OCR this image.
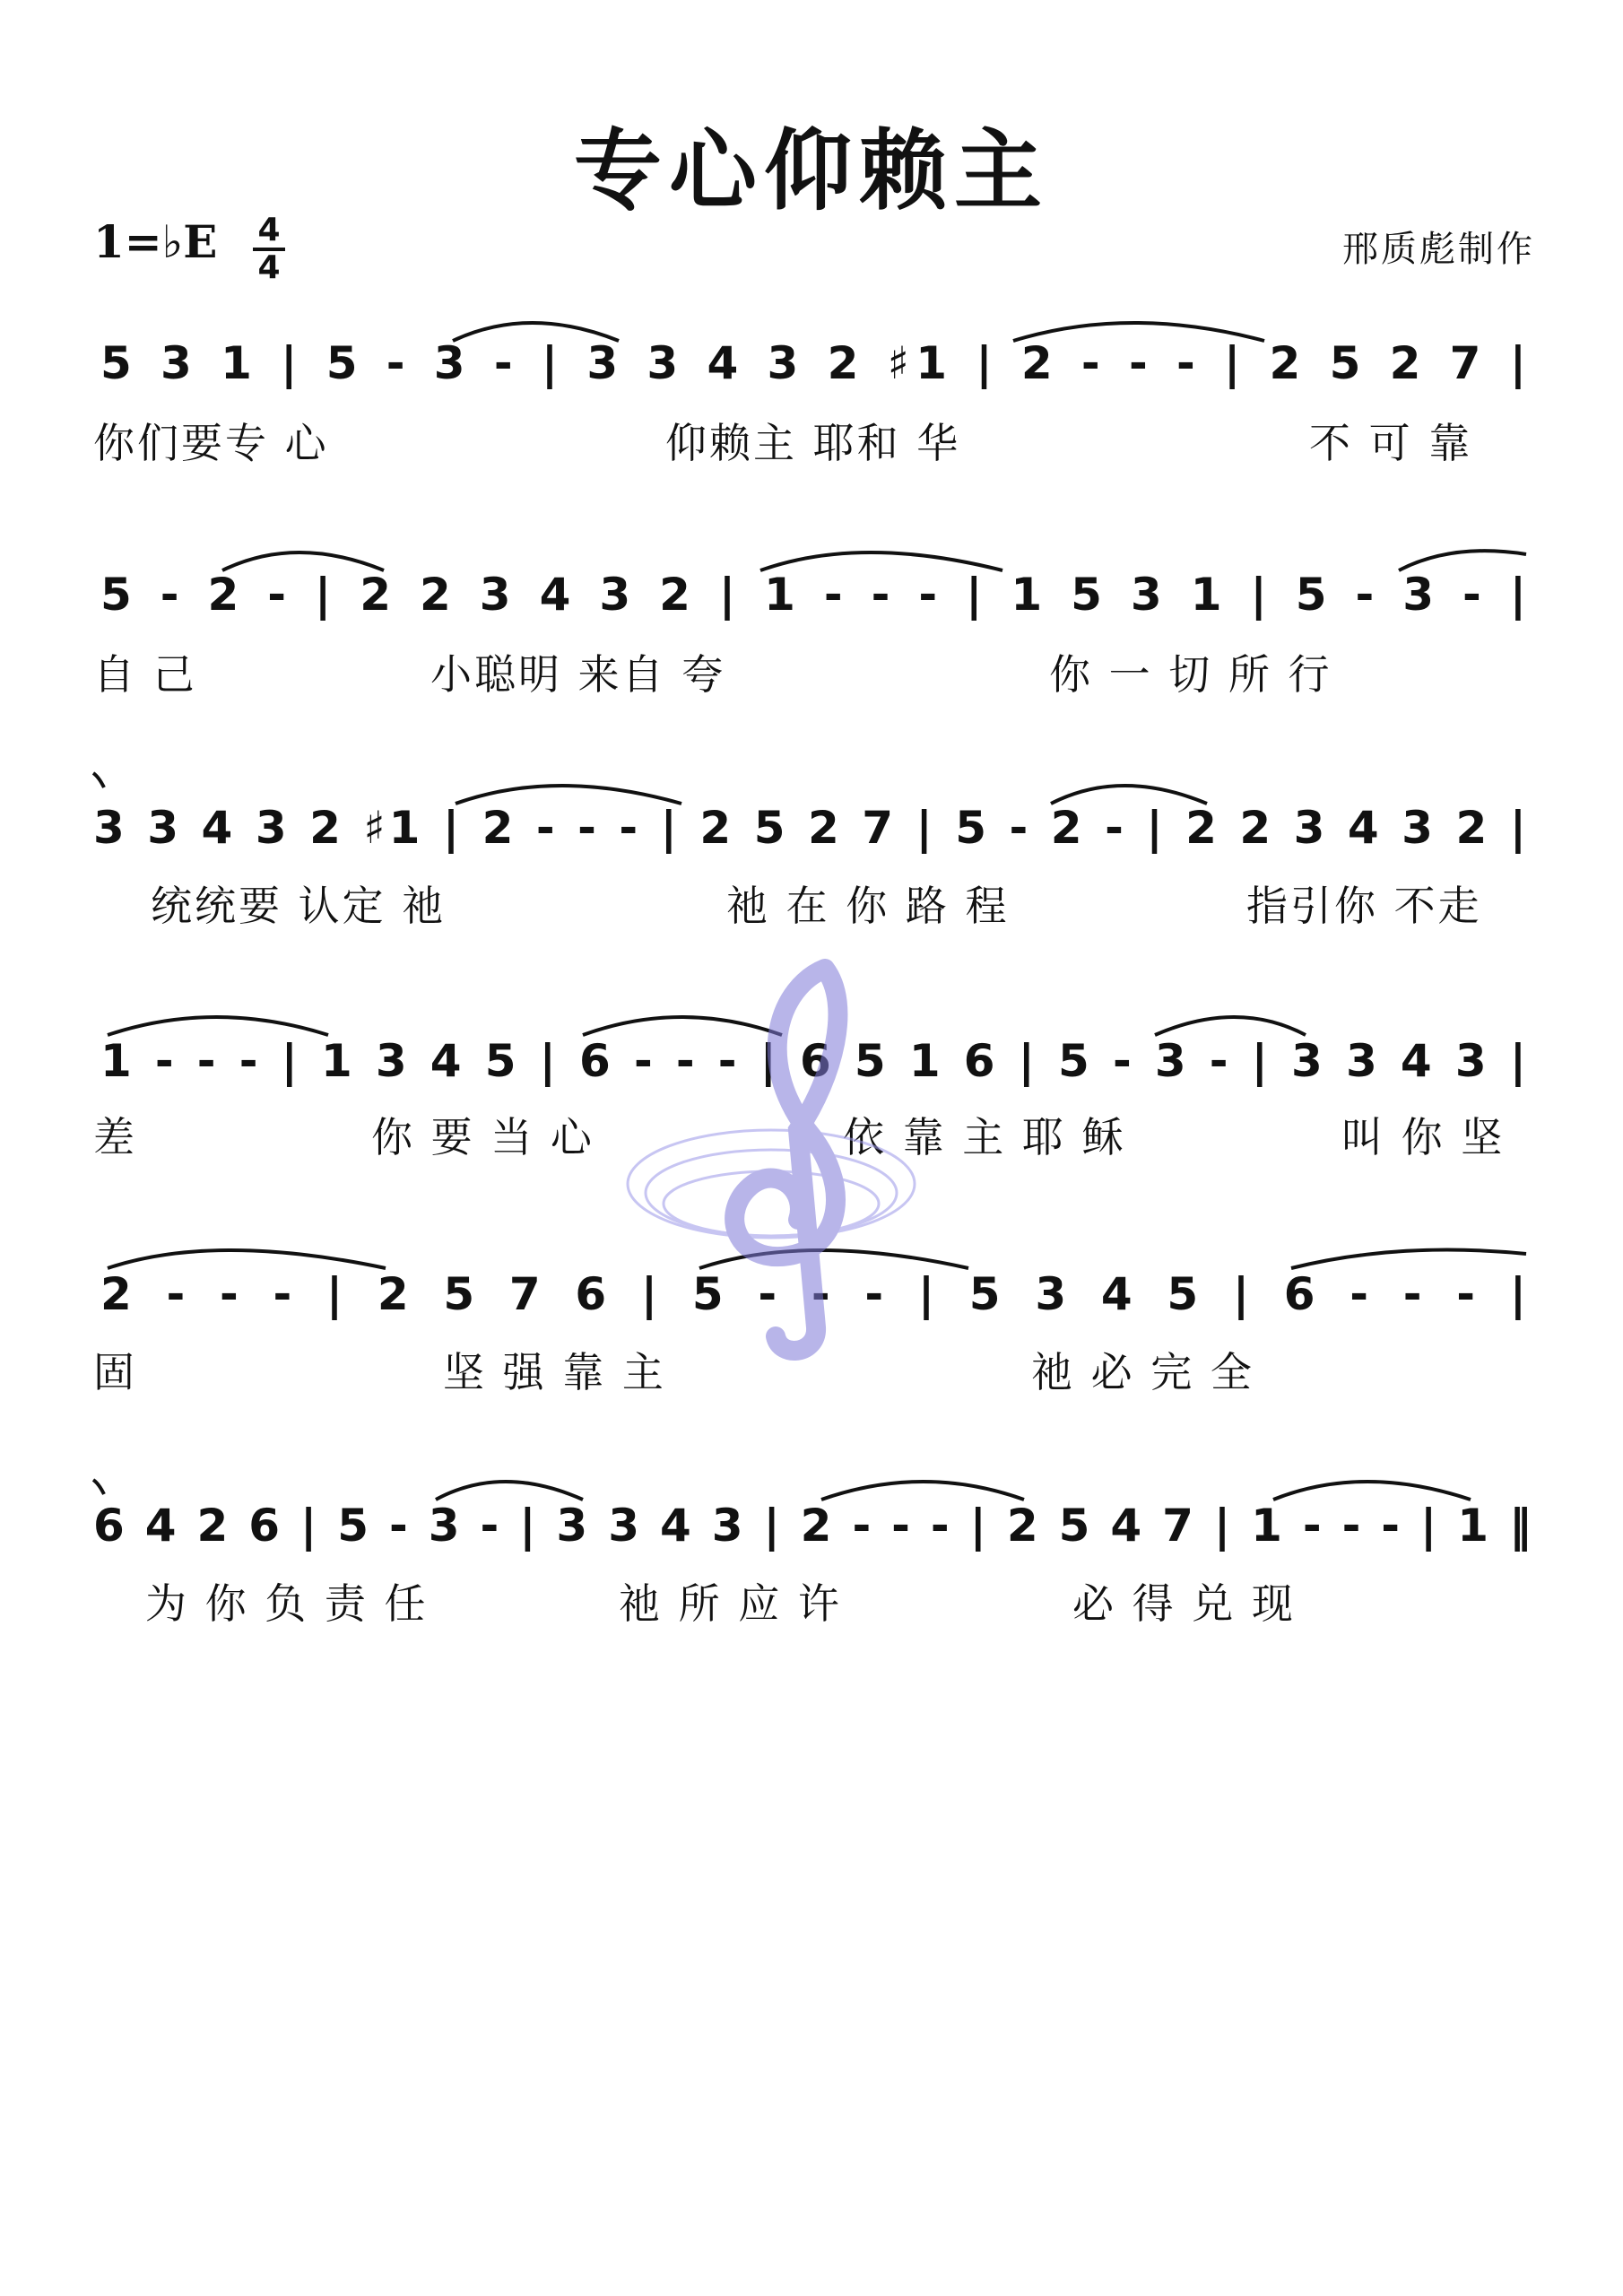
专心仰赖主
1=♭E 4
4	邢质彪制作
5 3 1 | 5 - 3 - | 3 3 4 3 2 ♯1 | 2 - - - | 2 5 2 7 |
你们要专 心	仰赖主 耶和 华	不 可 靠
5 - 2 - | 2 2 3 4 3 2 | 1 - - - | 1 5 3 1 | 5 - 3 - |
自 己	小聪明 来自 夸	你 一 切 所 行
3 3 4 3 2 ♯1 | 2 - - - | 2 5 2 7 | 5 - 2 - | 2 2 3 4 3 2 |
统统要 认定 祂	祂 在 你 路 程	指引你 不走
1 - - - | 1 3 4 5 | 6 - - - | 6 5 1 6 | 5 - 3 - | 3 3 4 3 |
差	你 要 当 心	依 靠 主 耶 稣	叫 你 坚
2 - - - | 2 5 7 6 | 5 - - - | 5 3 4 5 | 6 - - - |
固	坚 强 靠 主	祂 必 完 全
6 4 2 6 | 5 - 3 - | 3 3 4 3 | 2 - - - | 2 5 4 7 | 1 - - - | 1 ‖
为 你 负 责 任	祂 所 应 许	必 得 兑 现
